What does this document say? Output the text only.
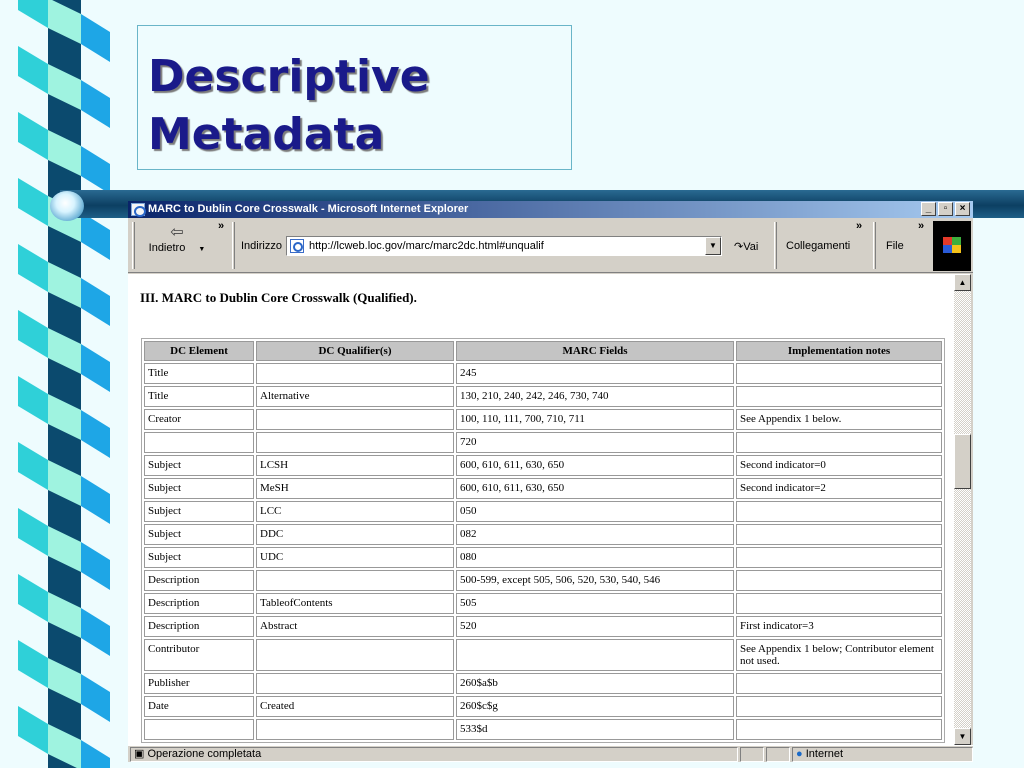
Descriptive
Metadata
MARC to Dublin Core Crosswalk - Microsoft Internet Explorer	_	▫	×
⇦
Indietro ▼
»
Indirizzo	http://lcweb.loc.gov/marc/marc2dc.html#unqualif	▼	↷Vai	Collegamenti
»
File
»
III. MARC to Dublin Core Crosswalk (Qualified).
DC Element	DC Qualifier(s)	MARC Fields	Implementation notes
Title		245	
Title	Alternative	130, 210, 240, 242, 246, 730, 740	
Creator		100, 110, 111, 700, 710, 711	See Appendix 1 below.
		720	
Subject	LCSH	600, 610, 611, 630, 650	Second indicator=0
Subject	MeSH	600, 610, 611, 630, 650	Second indicator=2
Subject	LCC	050	
Subject	DDC	082	
Subject	UDC	080	
Description		500-599, except 505, 506, 520, 530, 540, 546	
Description	TableofContents	505	
Description	Abstract	520	First indicator=3
Contributor			See Appendix 1 below; Contributor element not used.
Publisher		260$a$b	
Date	Created	260$c$g	
		533$d	
▲
▼
▣ Operazione completata	● Internet
